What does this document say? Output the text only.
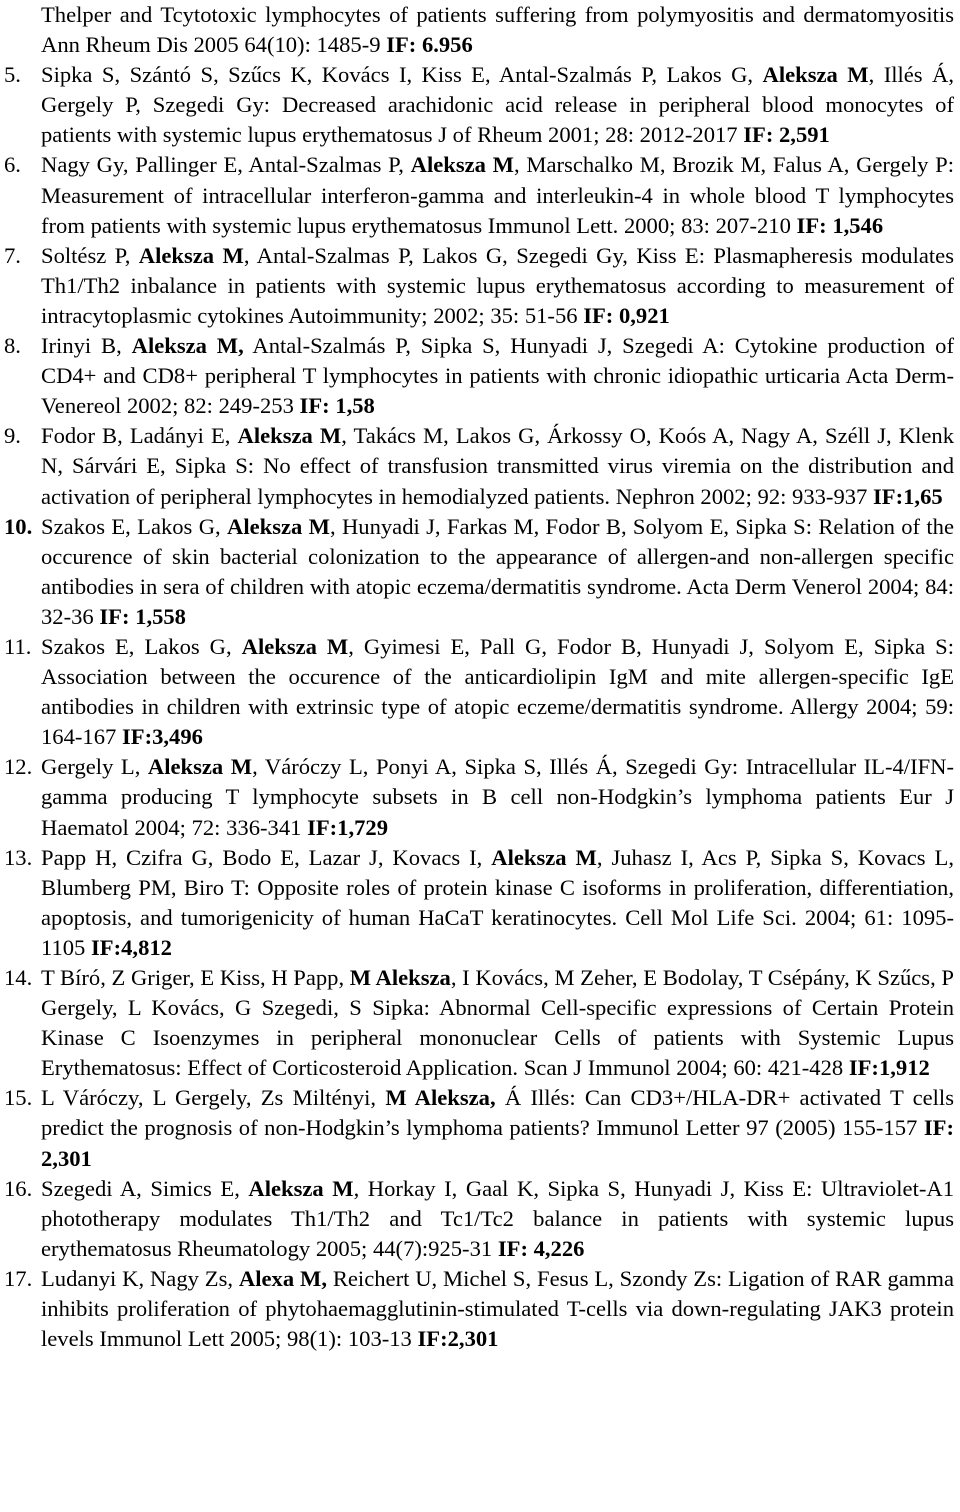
Thelper and Tcytotoxic lymphocytes of patients suffering from polymyositis and dermatomyositis Ann Rheum Dis 2005 64(10): 1485-9 IF: 6.956
5. Sipka S, Szántó S, Szűcs K, Kovács I, Kiss E, Antal-Szalmás P, Lakos G, Aleksza M, Illés Á, Gergely P, Szegedi Gy: Decreased arachidonic acid release in peripheral blood monocytes of patients with systemic lupus erythematosus J of Rheum 2001; 28: 2012-2017 IF: 2,591
6. Nagy Gy, Pallinger E, Antal-Szalmas P, Aleksza M, Marschalko M, Brozik M, Falus A, Gergely P: Measurement of intracellular interferon-gamma and interleukin-4 in whole blood T lymphocytes from patients with systemic lupus erythematosus Immunol Lett. 2000; 83: 207-210 IF: 1,546
7. Soltész P, Aleksza M, Antal-Szalmas P, Lakos G, Szegedi Gy, Kiss E: Plasmapheresis modulates Th1/Th2 inbalance in patients with systemic lupus erythematosus according to measurement of intracytoplasmic cytokines Autoimmunity; 2002; 35: 51-56 IF: 0,921
8. Irinyi B, Aleksza M, Antal-Szalmás P, Sipka S, Hunyadi J, Szegedi A: Cytokine production of CD4+ and CD8+ peripheral T lymphocytes in patients with chronic idiopathic urticaria Acta Derm-Venereol 2002; 82: 249-253 IF: 1,58
9. Fodor B, Ladányi E, Aleksza M, Takács M, Lakos G, Árkossy O, Koós A, Nagy A, Széll J, Klenk N, Sárvári E, Sipka S: No effect of transfusion transmitted virus viremia on the distribution and activation of peripheral lymphocytes in hemodialyzed patients. Nephron 2002; 92: 933-937 IF:1,65
10. Szakos E, Lakos G, Aleksza M, Hunyadi J, Farkas M, Fodor B, Solyom E, Sipka S: Relation of the occurence of skin bacterial colonization to the appearance of allergen-and non-allergen specific antibodies in sera of children with atopic eczema/dermatitis syndrome. Acta Derm Venerol 2004; 84: 32-36 IF: 1,558
11. Szakos E, Lakos G, Aleksza M, Gyimesi E, Pall G, Fodor B, Hunyadi J, Solyom E, Sipka S: Association between the occurence of the anticardiolipin IgM and mite allergen-specific IgE antibodies in children with extrinsic type of atopic eczeme/dermatitis syndrome. Allergy 2004; 59: 164-167 IF:3,496
12. Gergely L, Aleksza M, Váróczy L, Ponyi A, Sipka S, Illés Á, Szegedi Gy: Intracellular IL-4/IFN-gamma producing T lymphocyte subsets in B cell non-Hodgkin’s lymphoma patients Eur J Haematol 2004; 72: 336-341 IF:1,729
13. Papp H, Czifra G, Bodo E, Lazar J, Kovacs I, Aleksza M, Juhasz I, Acs P, Sipka S, Kovacs L, Blumberg PM, Biro T: Opposite roles of protein kinase C isoforms in proliferation, differentiation, apoptosis, and tumorigenicity of human HaCaT keratinocytes. Cell Mol Life Sci. 2004; 61: 1095-1105 IF:4,812
14. T Bíró, Z Griger, E Kiss, H Papp, M Aleksza, I Kovács, M Zeher, E Bodolay, T Csépány, K Szűcs, P Gergely, L Kovács, G Szegedi, S Sipka: Abnormal Cell-specific expressions of Certain Protein Kinase C Isoenzymes in peripheral mononuclear Cells of patients with Systemic Lupus Erythematosus: Effect of Corticosteroid Application. Scan J Immunol 2004; 60: 421-428 IF:1,912
15. L Váróczy, L Gergely, Zs Miltényi, M Aleksza, Á Illés: Can CD3+/HLA-DR+ activated T cells predict the prognosis of non-Hodgkin’s lymphoma patients? Immunol Letter 97 (2005) 155-157 IF: 2,301
16. Szegedi A, Simics E, Aleksza M, Horkay I, Gaal K, Sipka S, Hunyadi J, Kiss E: Ultraviolet-A1 phototherapy modulates Th1/Th2 and Tc1/Tc2 balance in patients with systemic lupus erythematosus Rheumatology 2005; 44(7):925-31 IF: 4,226
17. Ludanyi K, Nagy Zs, Alexa M, Reichert U, Michel S, Fesus L, Szondy Zs: Ligation of RAR gamma inhibits proliferation of phytohaemagglutinin-stimulated T-cells via down-regulating JAK3 protein levels Immunol Lett 2005; 98(1): 103-13 IF:2,301
